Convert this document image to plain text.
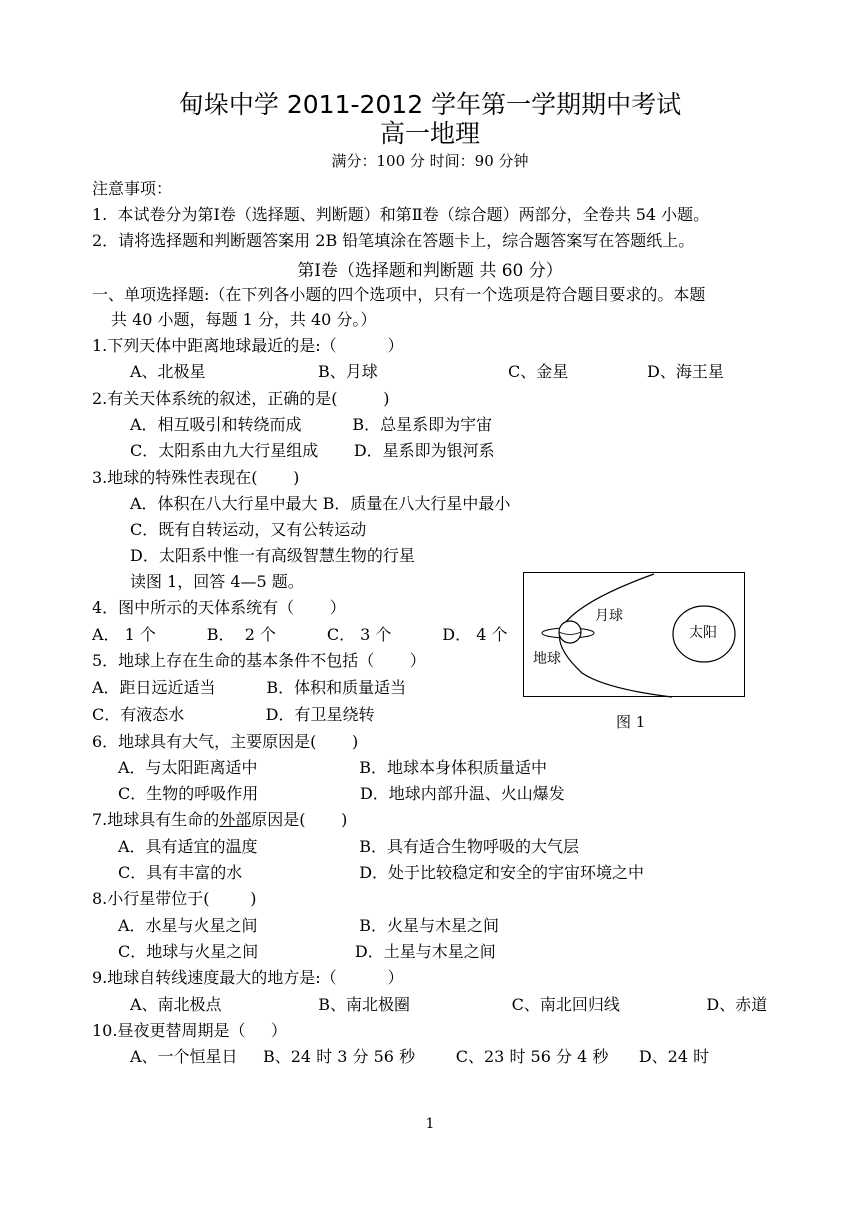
甸垛中学 2011-2012 学年第一学期期中考试
高一地理
满分：100 分 时间：90 分钟
注意事项：
1.  本试卷分为第Ⅰ卷（选择题、判断题）和第Ⅱ卷（综合题）两部分，全卷共 54 小题。
2．请将选择题和判断题答案用 2B 铅笔填涂在答题卡上，综合题答案写在答题纸上。
第Ⅰ卷（选择题和判断题 共 60 分）
一、单项选择题:（在下列各小题的四个选项中，只有一个选项是符合题目要求的。本题
共 40 小题，每题 1 分，共 40 分。）
1.下列天体中距离地球最近的是:（          ）
A、北极星	B、月球	C、金星	D、海王星
2.有关天体系统的叙述，正确的是(         )
A．相互吸引和转绕而成          B．总星系即为宇宙
C．太阳系由九大行星组成       D．星系即为银河系
3.地球的特殊性表现在(       )
A．体积在八大行星中最大 B．质量在八大行星中最小
C．既有自转运动，又有公转运动
D．太阳系中惟一有高级智慧生物的行星
读图 1，回答 4—5 题。
4．图中所示的天体系统有（       ）
A． 1 个          B．  2 个          C． 3 个          D． 4 个
5．地球上存在生命的基本条件不包括（       ）
A．距日远近适当          B．体积和质量适当
C．有液态水                D．有卫星绕转
月球
太阳
地球
图 1
6．地球具有大气，主要原因是(       )
A．与太阳距离适中                    B．地球本身体积质量适中
C．生物的呼吸作用                    D．地球内部升温、火山爆发
7.地球具有生命的外部原因是(       )
A．具有适宜的温度                    B．具有适合生物呼吸的大气层
C．具有丰富的水                       D．处于比较稳定和安全的宇宙环境之中
8.小行星带位于(        )
A．水星与火星之间                    B．火星与木星之间
C．地球与火星之间                   D．土星与木星之间
9.地球自转线速度最大的地方是:（          ）
A、南北极点                   B、南北极圈                    C、南北回归线                 D、赤道
10.昼夜更替周期是（     ）
A、一个恒星日     B、24 时 3 分 56 秒        C、23 时 56 分 4 秒      D、24 时
1
